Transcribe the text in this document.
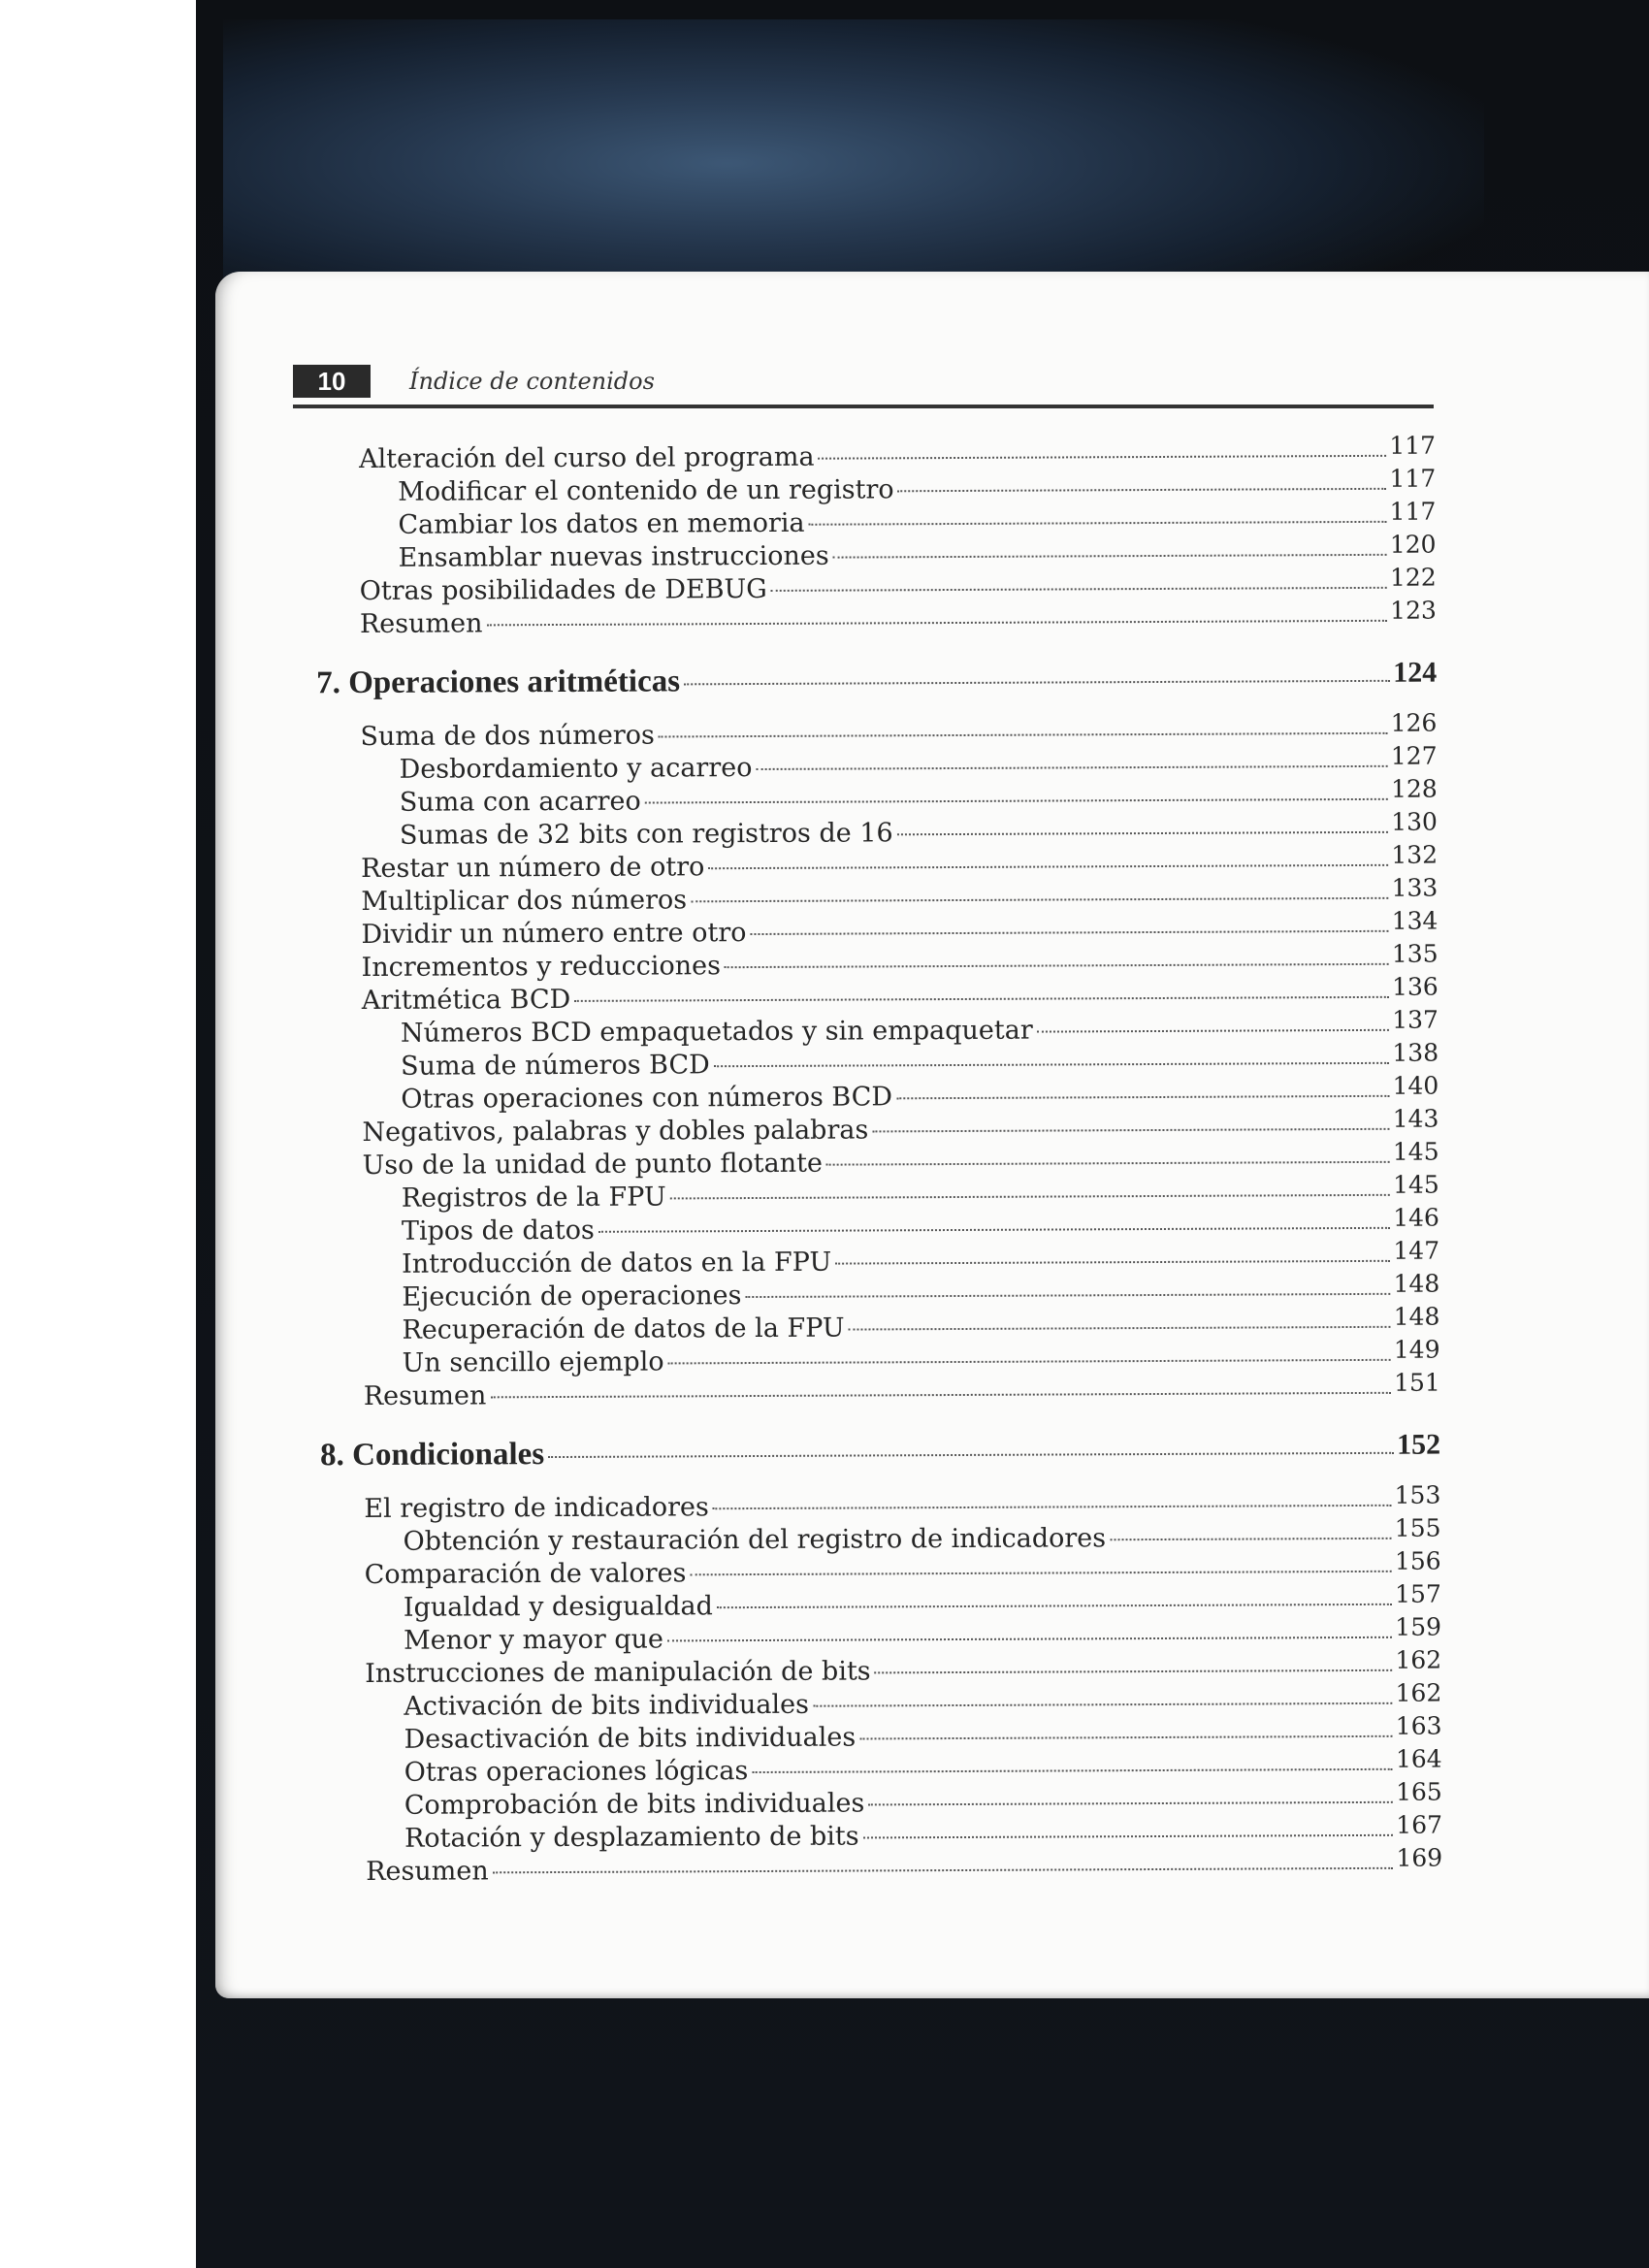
10	Índice de contenidos
Alteración del curso del programa	117
Modificar el contenido de un registro	117
Cambiar los datos en memoria	117
Ensamblar nuevas instrucciones	120
Otras posibilidades de DEBUG	122
Resumen	123
7. Operaciones aritméticas	124
Suma de dos números	126
Desbordamiento y acarreo	127
Suma con acarreo	128
Sumas de 32 bits con registros de 16	130
Restar un número de otro	132
Multiplicar dos números	133
Dividir un número entre otro	134
Incrementos y reducciones	135
Aritmética BCD	136
Números BCD empaquetados y sin empaquetar	137
Suma de números BCD	138
Otras operaciones con números BCD	140
Negativos, palabras y dobles palabras	143
Uso de la unidad de punto flotante	145
Registros de la FPU	145
Tipos de datos	146
Introducción de datos en la FPU	147
Ejecución de operaciones	148
Recuperación de datos de la FPU	148
Un sencillo ejemplo	149
Resumen	151
8. Condicionales	152
El registro de indicadores	153
Obtención y restauración del registro de indicadores	155
Comparación de valores	156
Igualdad y desigualdad	157
Menor y mayor que	159
Instrucciones de manipulación de bits	162
Activación de bits individuales	162
Desactivación de bits individuales	163
Otras operaciones lógicas	164
Comprobación de bits individuales	165
Rotación y desplazamiento de bits	167
Resumen	169
